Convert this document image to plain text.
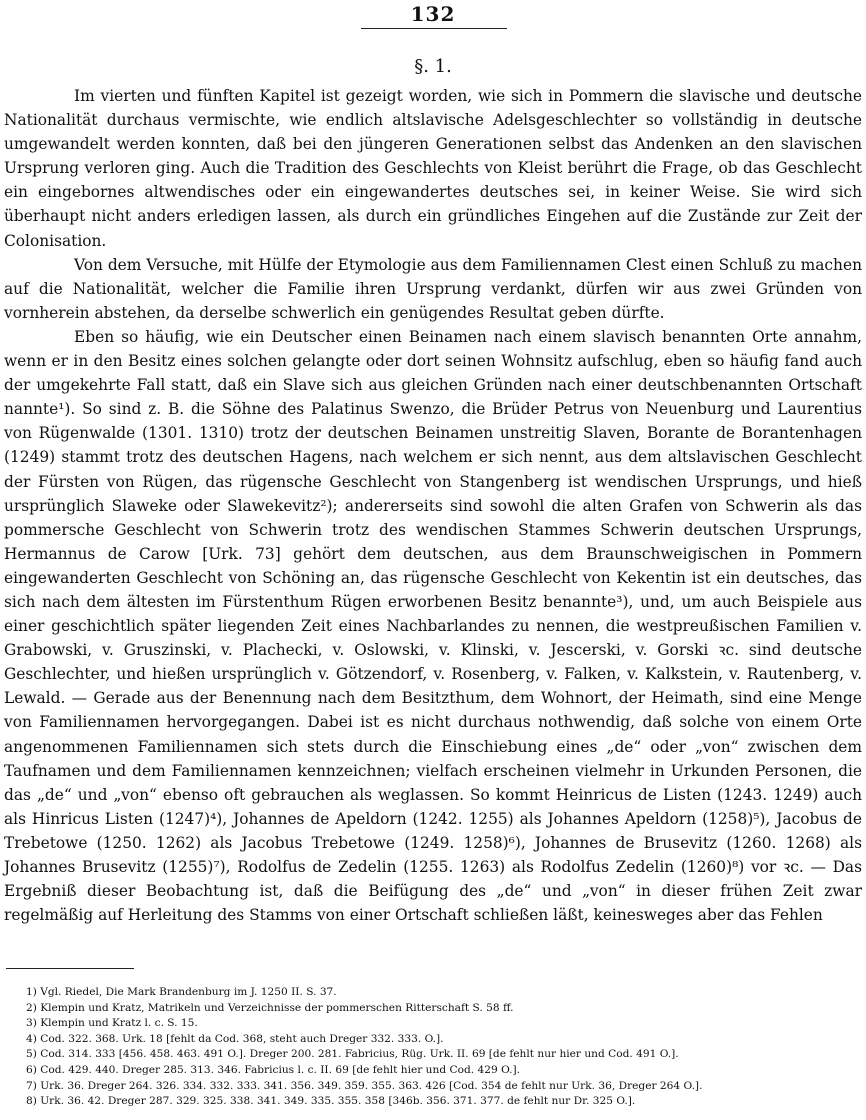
132
§. 1.

Im vierten und fünften Kapitel ist gezeigt worden, wie sich in Pommern die slavische und deutsche Nationalität durchaus vermischte, wie endlich altslavische Adelsgeschlechter so vollständig in deutsche umgewandelt werden konnten, daß bei den jüngeren Generationen selbst das Andenken an den slavischen Ursprung verloren ging. Auch die Tradition des Geschlechts von Kleist berührt die Frage, ob das Geschlecht ein eingebornes altwendisches oder ein eingewandertes deutsches sei, in keiner Weise. Sie wird sich überhaupt nicht anders erledigen lassen, als durch ein gründliches Eingehen auf die Zustände zur Zeit der Colonisation.

Von dem Versuche, mit Hülfe der Etymologie aus dem Familiennamen Clest einen Schluß zu machen auf die Nationalität, welcher die Familie ihren Ursprung verdankt, dürfen wir aus zwei Gründen von vornherein abstehen, da derselbe schwerlich ein genügendes Resultat geben dürfte.

Eben so häufig, wie ein Deutscher einen Beinamen nach einem slavisch benannten Orte annahm, wenn er in den Besitz eines solchen gelangte oder dort seinen Wohnsitz aufschlug, eben so häufig fand auch der umgekehrte Fall statt, daß ein Slave sich aus gleichen Gründen nach einer deutschbenannten Ortschaft nannte¹). So sind z. B. die Söhne des Palatinus Swenzo, die Brüder Petrus von Neuenburg und Laurentius von Rügenwalde (1301. 1310) trotz der deutschen Beinamen unstreitig Slaven, Borante de Borantenhagen (1249) stammt trotz des deutschen Hagens, nach welchem er sich nennt, aus dem altslavischen Geschlecht der Fürsten von Rügen, das rügensche Geschlecht von Stangenberg ist wendischen Ursprungs, und hieß ursprünglich Slaweke oder Slawekevitz²); andererseits sind sowohl die alten Grafen von Schwerin als das pommersche Geschlecht von Schwerin trotz des wendischen Stammes Schwerin deutschen Ursprungs, Hermannus de Carow [Urk. 73] gehört dem deutschen, aus dem Braunschweigischen in Pommern eingewanderten Geschlecht von Schöning an, das rügensche Geschlecht von Kekentin ist ein deutsches, das sich nach dem ältesten im Fürstenthum Rügen erworbenen Besitz benannte³), und, um auch Beispiele aus einer geschichtlich später liegenden Zeit eines Nachbarlandes zu nennen, die westpreußischen Familien v. Grabowski, v. Gruszinski, v. Plachecki, v. Oslowski, v. Klinski, v. Jescerski, v. Gorski ꝛc. sind deutsche Geschlechter, und hießen ursprünglich v. Götzendorf, v. Rosenberg, v. Falken, v. Kalkstein, v. Rautenberg, v. Lewald. — Gerade aus der Benennung nach dem Besitzthum, dem Wohnort, der Heimath, sind eine Menge von Familiennamen hervorgegangen. Dabei ist es nicht durchaus nothwendig, daß solche von einem Orte angenommenen Familiennamen sich stets durch die Einschiebung eines „de“ oder „von“ zwischen dem Taufnamen und dem Familiennamen kennzeichnen; vielfach erscheinen vielmehr in Urkunden Personen, die das „de“ und „von“ ebenso oft gebrauchen als weglassen. So kommt Heinricus de Listen (1243. 1249) auch als Hinricus Listen (1247)⁴), Johannes de Apeldorn (1242. 1255) als Johannes Apeldorn (1258)⁵), Jacobus de Trebetowe (1250. 1262) als Jacobus Trebetowe (1249. 1258)⁶), Johannes de Brusevitz (1260. 1268) als Johannes Brusevitz (1255)⁷), Rodolfus de Zedelin (1255. 1263) als Rodolfus Zedelin (1260)⁸) vor ꝛc. — Das Ergebniß dieser Beobachtung ist, daß die Beifügung des „de“ und „von“ in dieser frühen Zeit zwar regelmäßig auf Herleitung des Stamms von einer Ortschaft schließen läßt, keinesweges aber das Fehlen

1) Vgl. Riedel, Die Mark Brandenburg im J. 1250 II. S. 37.
2) Klempin und Kratz, Matrikeln und Verzeichnisse der pommerschen Ritterschaft S. 58 ff.
3) Klempin und Kratz l. c. S. 15.
4) Cod. 322. 368. Urk. 18 [fehlt da Cod. 368, steht auch Dreger 332. 333. O.].
5) Cod. 314. 333 [456. 458. 463. 491 O.]. Dreger 200. 281. Fabricius, Rüg. Urk. II. 69 [de fehlt nur hier und Cod. 491 O.].
6) Cod. 429. 440. Dreger 285. 313. 346. Fabricius l. c. II. 69 [de fehlt hier und Cod. 429 O.].
7) Urk. 36. Dreger 264. 326. 334. 332. 333. 341. 356. 349. 359. 355. 363. 426 [Cod. 354 de fehlt nur Urk. 36, Dreger 264 O.].
8) Urk. 36. 42. Dreger 287. 329. 325. 338. 341. 349. 335. 355. 358 [346b. 356. 371. 377. de fehlt nur Dr. 325 O.].
